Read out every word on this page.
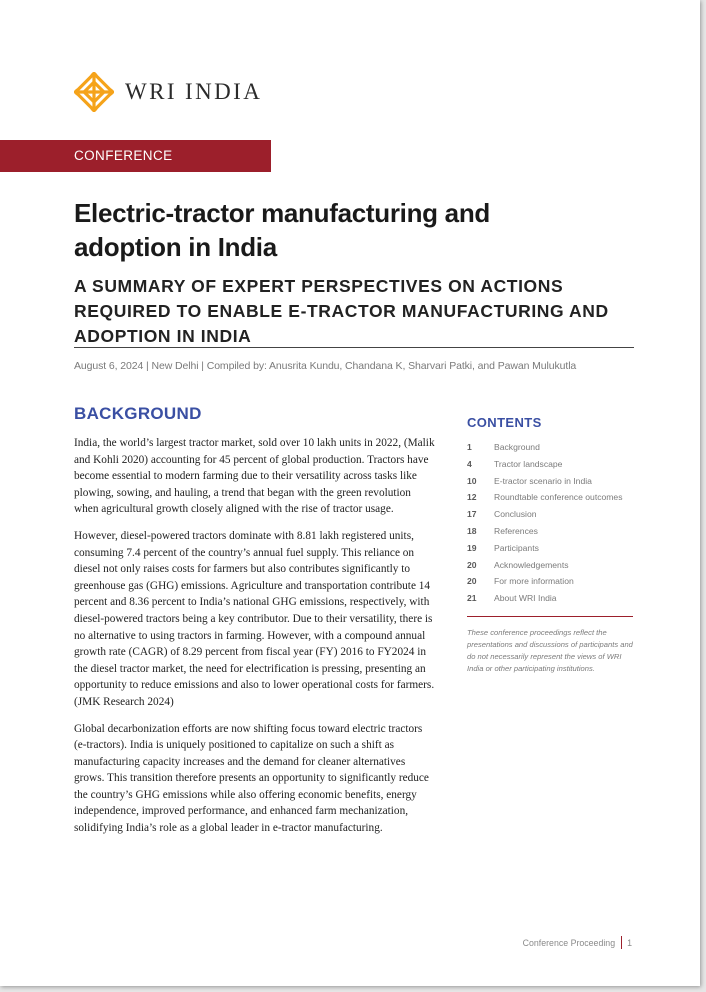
WRI INDIA
CONFERENCE PROCEEDING
Electric-tractor manufacturing and
adoption in India
A SUMMARY OF EXPERT PERSPECTIVES ON ACTIONS
REQUIRED TO ENABLE E-TRACTOR MANUFACTURING AND
ADOPTION IN INDIA
August 6, 2024 | New Delhi | Compiled by: Anusrita Kundu, Chandana K, Sharvari Patki, and Pawan Mulukutla
BACKGROUND

India, the world’s largest tractor market, sold over 10 lakh units in 2022, (Malik and Kohli 2020) accounting for 45 percent of global production. Tractors have become essential to modern farming due to their versatility across tasks like plowing, sowing, and hauling, a trend that began with the green revolution when agricultural growth closely aligned with the rise of tractor usage.

However, diesel-powered tractors dominate with 8.81 lakh registered units, consuming 7.4 percent of the country’s annual fuel supply. This reliance on diesel not only raises costs for farmers but also contributes significantly to greenhouse gas (GHG) emissions. Agriculture and transportation contribute 14 percent and 8.36 percent to India’s national GHG emissions, respectively, with diesel-powered tractors being a key contributor. Due to their versatility, there is no alternative to using tractors in farming. However, with a compound annual growth rate (CAGR) of 8.29 percent from fiscal year (FY) 2016 to FY2024 in the diesel tractor market, the need for electrification is pressing, presenting an opportunity to reduce emissions and also to lower operational costs for farmers. (JMK Research 2024)

Global decarbonization efforts are now shifting focus toward electric tractors (e-tractors). India is uniquely positioned to capitalize on such a shift as manufacturing capacity increases and the demand for cleaner alternatives grows. This transition therefore presents an opportunity to significantly reduce the country’s GHG emissions while also offering economic benefits, energy independence, improved performance, and enhanced farm mechanization, solidifying India’s role as a global leader in e-tractor manufacturing.

CONTENTS
1	Background
4	Tractor landscape
10	E-tractor scenario in India
12	Roundtable conference outcomes
17	Conclusion
18	References
19	Participants
20	Acknowledgements
20	For more information
21	About WRI India

These conference proceedings reflect the presentations and discussions of participants and do not necessarily represent the views of WRI India or other participating institutions.

Conference Proceeding 1
